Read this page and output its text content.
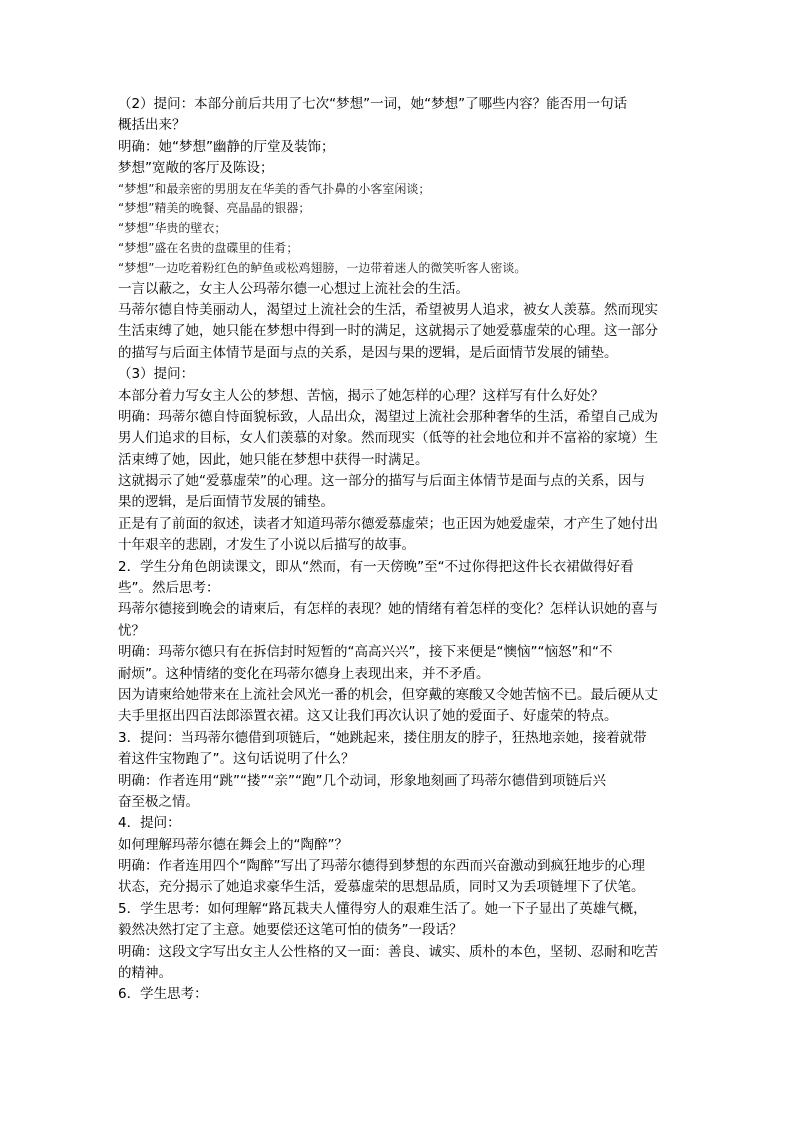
（2）提问：本部分前后共用了七次“梦想”一词，她“梦想”了哪些内容？能否用一句话
概括出来？
明确：她“梦想”幽静的厅堂及装饰；
梦想”宽敞的客厅及陈设；
“梦想”和最亲密的男朋友在华美的香气扑鼻的小客室闲谈；
“梦想”精美的晚餐、亮晶晶的银器；
“梦想”华贵的壁衣；
“梦想”盛在名贵的盘碟里的佳肴；
“梦想”一边吃着粉红色的鲈鱼或松鸡翅膀，一边带着迷人的微笑听客人密谈。
一言以蔽之，女主人公玛蒂尔德一心想过上流社会的生活。
马蒂尔德自恃美丽动人，渴望过上流社会的生活，希望被男人追求，被女人羡慕。然而现实
生活束缚了她，她只能在梦想中得到一时的满足，这就揭示了她爱慕虚荣的心理。这一部分
的描写与后面主体情节是面与点的关系，是因与果的逻辑，是后面情节发展的铺垫。
（3）提问：
本部分着力写女主人公的梦想、苦恼，揭示了她怎样的心理？这样写有什么好处？
明确：玛蒂尔德自恃面貌标致，人品出众，渴望过上流社会那种奢华的生活，希望自己成为
男人们追求的目标，女人们羡慕的对象。然而现实（低等的社会地位和并不富裕的家境）生
活束缚了她，因此，她只能在梦想中获得一时满足。
这就揭示了她“爱慕虚荣”的心理。这一部分的描写与后面主体情节是面与点的关系，因与
果的逻辑，是后面情节发展的铺垫。
正是有了前面的叙述，读者才知道玛蒂尔德爱慕虚荣；也正因为她爱虚荣，才产生了她付出
十年艰辛的悲剧，才发生了小说以后描写的故事。
2．学生分角色朗读课文，即从“然而，有一天傍晚”至“不过你得把这件长衣裙做得好看
些”。然后思考：
玛蒂尔德接到晚会的请柬后，有怎样的表现？她的情绪有着怎样的变化？怎样认识她的喜与
忧？
明确：玛蒂尔德只有在拆信封时短暂的“高高兴兴”，接下来便是“懊恼”“恼怒”和“不
耐烦”。这种情绪的变化在玛蒂尔德身上表现出来，并不矛盾。
因为请柬给她带来在上流社会风光一番的机会，但穿戴的寒酸又令她苦恼不已。最后硬从丈
夫手里抠出四百法郎添置衣裙。这又让我们再次认识了她的爱面子、好虚荣的特点。
3．提问：当玛蒂尔德借到项链后，“她跳起来，搂住朋友的脖子，狂热地亲她，接着就带
着这件宝物跑了”。这句话说明了什么？
明确：作者连用“跳”“搂”“亲”“跑”几个动词，形象地刻画了玛蒂尔德借到项链后兴
奋至极之情。
4．提问：
如何理解玛蒂尔德在舞会上的“陶醉”？
明确：作者连用四个“陶醉”写出了玛蒂尔德得到梦想的东西而兴奋激动到疯狂地步的心理
状态，充分揭示了她追求豪华生活，爱慕虚荣的思想品质，同时又为丢项链埋下了伏笔。
5．学生思考：如何理解“路瓦栽夫人懂得穷人的艰难生活了。她一下子显出了英雄气概，
毅然决然打定了主意。她要偿还这笔可怕的债务”一段话？
明确：这段文字写出女主人公性格的又一面：善良、诚实、质朴的本色，坚韧、忍耐和吃苦
的精神。
6．学生思考：
